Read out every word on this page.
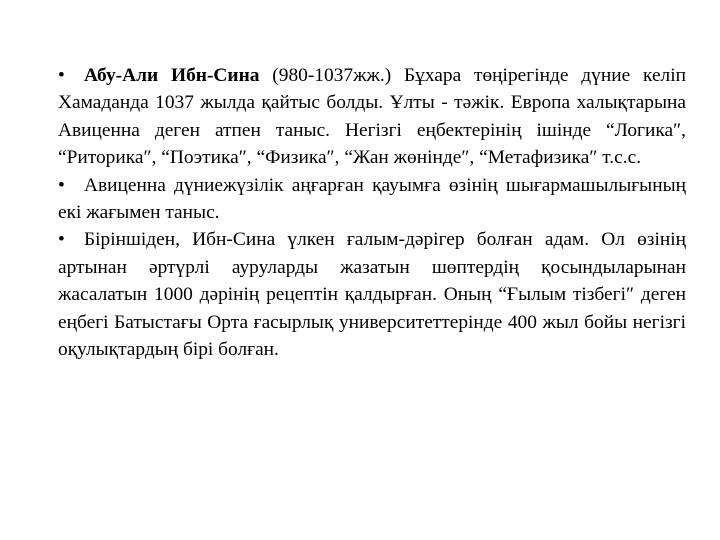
• Абу-Али Ибн-Сина (980-1037жж.) Бұхара төңірегінде дүние келіп Хамаданда 1037 жылда қайтыс болды. Ұлты - тәжік. Европа халықтарына Авиценна деген атпен таныс. Негізгі еңбектерінің ішінде “Логика″, “Риторика″, “Поэтика″, “Физика″, “Жан жөнінде″, “Метафизика″ т.с.с.

• Авиценна дүниежүзілік аңғарған қауымға өзінің шығармашылығының екі жағымен таныс.

• Біріншіден, Ибн-Сина үлкен ғалым-дәрігер болған адам. Ол өзінің артынан әртүрлі ауруларды жазатын шөптердің қосындыларынан жасалатын 1000 дәрінің рецептін қалдырған. Оның “Ғылым тізбегі″ деген еңбегі Батыстағы Орта ғасырлық университеттерінде 400 жыл бойы негізгі оқулықтардың бірі болған.
